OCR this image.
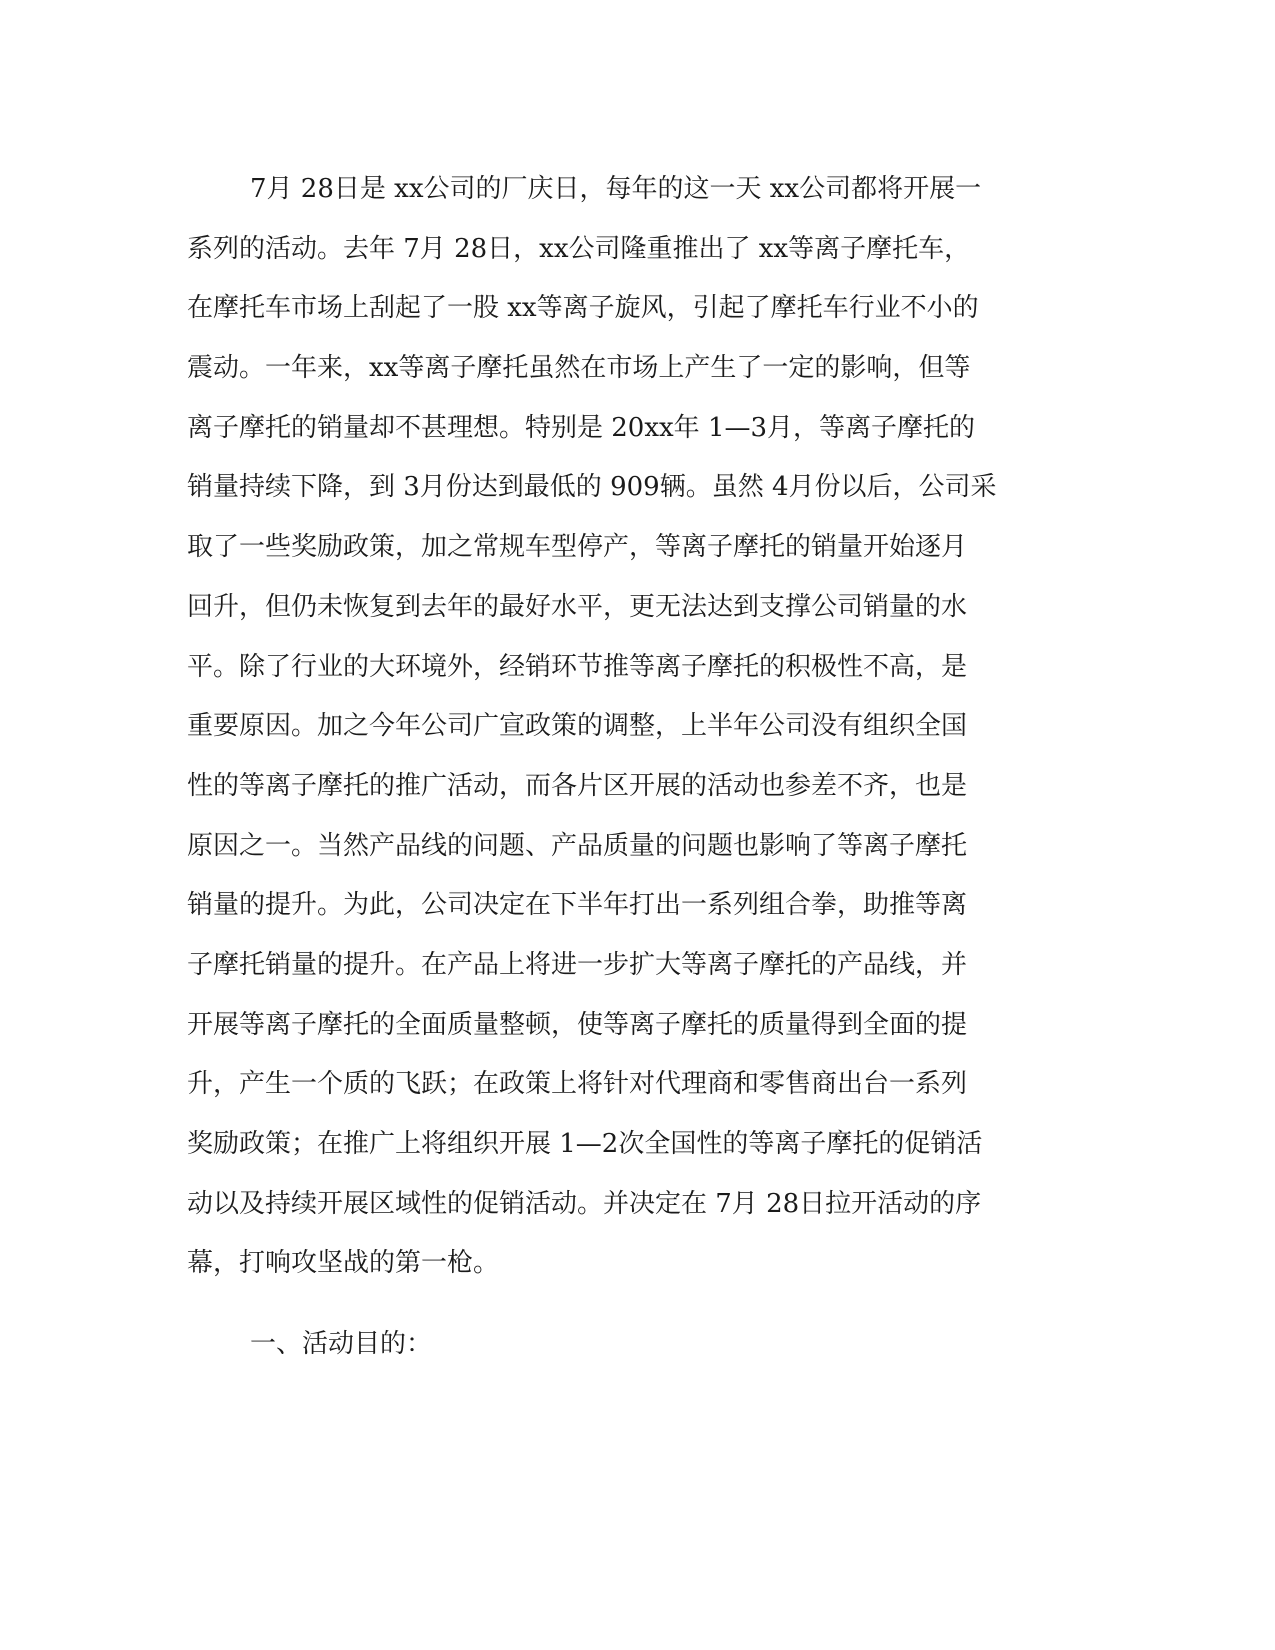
7月 28日是 xx公司的厂庆日，每年的这一天 xx公司都将开展一
系列的活动。去年 7月 28日，xx公司隆重推出了 xx等离子摩托车，
在摩托车市场上刮起了一股 xx等离子旋风，引起了摩托车行业不小的
震动。一年来，xx等离子摩托虽然在市场上产生了一定的影响，但等
离子摩托的销量却不甚理想。特别是 20xx年 1—3月，等离子摩托的
销量持续下降，到 3月份达到最低的 909辆。虽然 4月份以后，公司采
取了一些奖励政策，加之常规车型停产，等离子摩托的销量开始逐月
回升，但仍未恢复到去年的最好水平，更无法达到支撑公司销量的水
平。除了行业的大环境外，经销环节推等离子摩托的积极性不高，是
重要原因。加之今年公司广宣政策的调整，上半年公司没有组织全国
性的等离子摩托的推广活动，而各片区开展的活动也参差不齐，也是
原因之一。当然产品线的问题、产品质量的问题也影响了等离子摩托
销量的提升。为此，公司决定在下半年打出一系列组合拳，助推等离
子摩托销量的提升。在产品上将进一步扩大等离子摩托的产品线，并
开展等离子摩托的全面质量整顿，使等离子摩托的质量得到全面的提
升，产生一个质的飞跃；在政策上将针对代理商和零售商出台一系列
奖励政策；在推广上将组织开展 1—2次全国性的等离子摩托的促销活
动以及持续开展区域性的促销活动。并决定在 7月 28日拉开活动的序
幕，打响攻坚战的第一枪。
一、活动目的：
